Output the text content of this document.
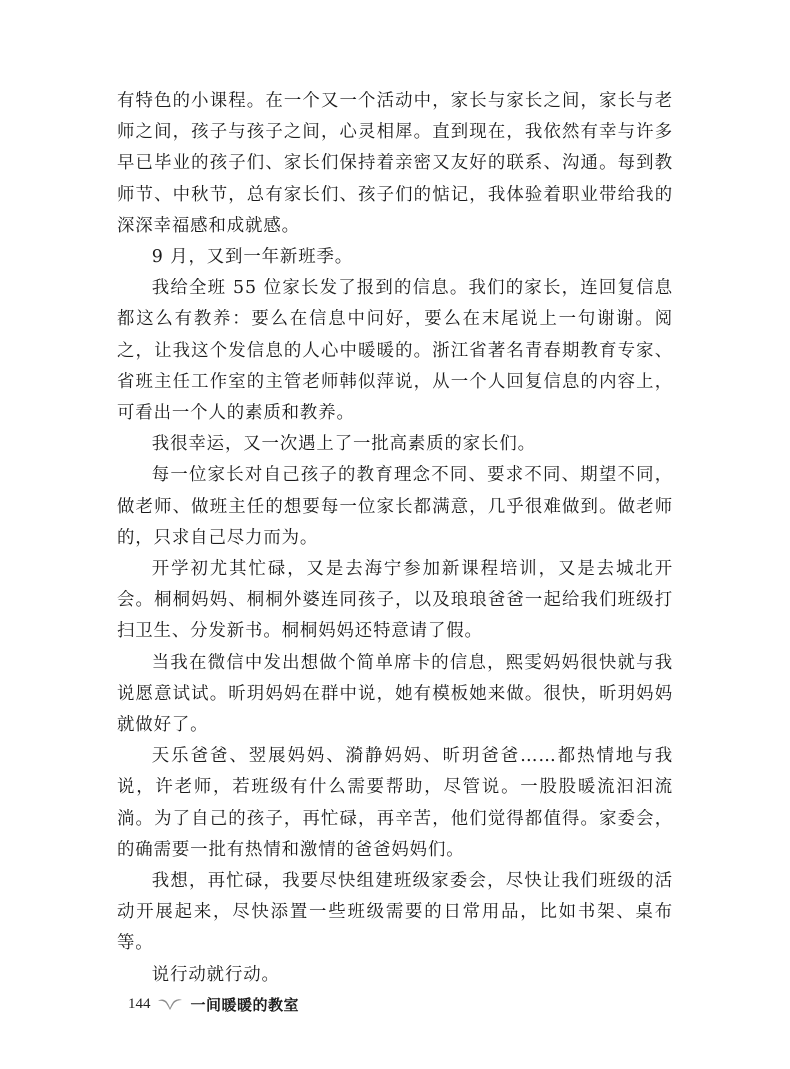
有特色的小课程。在一个又一个活动中，家长与家长之间，家长与老师之间，孩子与孩子之间，心灵相犀。直到现在，我依然有幸与许多早已毕业的孩子们、家长们保持着亲密又友好的联系、沟通。每到教师节、中秋节，总有家长们、孩子们的惦记，我体验着职业带给我的深深幸福感和成就感。

9 月，又到一年新班季。

我给全班 55 位家长发了报到的信息。我们的家长，连回复信息都这么有教养：要么在信息中问好，要么在末尾说上一句谢谢。阅之，让我这个发信息的人心中暖暖的。浙江省著名青春期教育专家、省班主任工作室的主管老师韩似萍说，从一个人回复信息的内容上，可看出一个人的素质和教养。

我很幸运，又一次遇上了一批高素质的家长们。

每一位家长对自己孩子的教育理念不同、要求不同、期望不同，做老师、做班主任的想要每一位家长都满意，几乎很难做到。做老师的，只求自己尽力而为。

开学初尤其忙碌，又是去海宁参加新课程培训，又是去城北开会。桐桐妈妈、桐桐外婆连同孩子，以及琅琅爸爸一起给我们班级打扫卫生、分发新书。桐桐妈妈还特意请了假。

当我在微信中发出想做个简单席卡的信息，熙雯妈妈很快就与我说愿意试试。昕玥妈妈在群中说，她有模板她来做。很快，昕玥妈妈就做好了。

天乐爸爸、翌展妈妈、漪静妈妈、昕玥爸爸……都热情地与我说，许老师，若班级有什么需要帮助，尽管说。一股股暖流汩汩流淌。为了自己的孩子，再忙碌，再辛苦，他们觉得都值得。家委会，的确需要一批有热情和激情的爸爸妈妈们。

我想，再忙碌，我要尽快组建班级家委会，尽快让我们班级的活动开展起来，尽快添置一些班级需要的日常用品，比如书架、桌布等。

说行动就行动。

144	一间暖暖的教室
